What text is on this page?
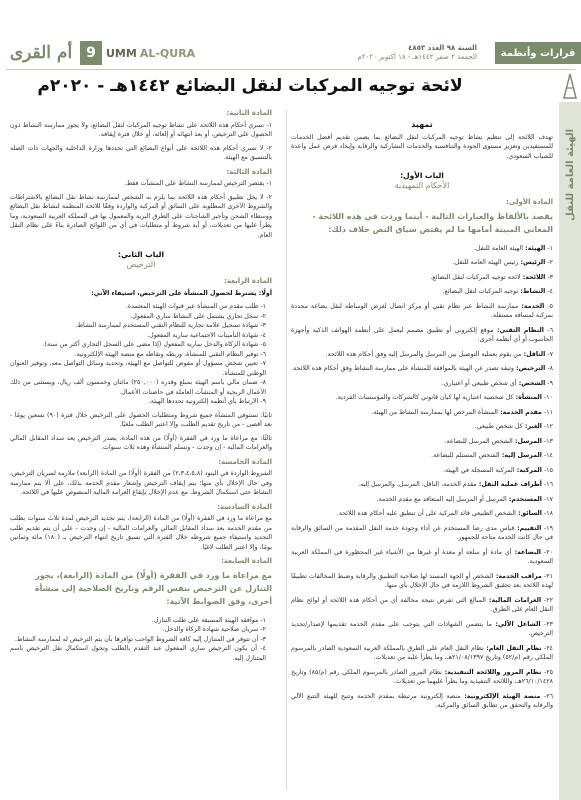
قرارات وأنظمة
السنة ٩٨ العدد ٤٨٥٣
الجمعة ٢ صفر ١٤٤٢هـ - ١٨ أكتوبر ٢٠٢٠م
UMM AL-QURA
9
أم القرى
لائحة توجيه المركبات لنقل البضائع ١٤٤٢هـ - ٢٠٢٠م
الهيئة العامة للنقل
تمهيد
تهدف اللائحة إلى تنظيم نشاط توجيه المركبات لنقل البضائع بما يضمن تقديم أفضل الخدمات للمستفيدين وتعزيز مستوى الجودة والتنافسية والخدمات التشاركية والرقابة وإيجاد فرص عمل واعدة للشباب السعودي.
الباب الأول:
الأحكام التمهيدية
المادة الأولى:
يقصد بالألفاظ والعبارات التالية - أينما وردت في هذه اللائحة - المعاني المبينة أمامها ما لم يقتض سياق النص خلاف ذلك:
١- الهيئة: الهيئة العامة للنقل.
٢- الرئيس: رئيس الهيئة العامة للنقل.
٣- اللائحة: لائحة توجيه المركبات لنقل البضائع.
٤- النشاط: توجيه المركبات لنقل البضائع.
٥- الخدمة: ممارسة النشاط عبر نظام تقني أو مركز اتصال لغرض الوساطة لنقل بضاعة محددة بمركبة لمسافة مستقلة.
٦- النظام التقني: موقع إلكتروني أو تطبيق مصمم ليعمل على أنظمة الهواتف الذكية وأجهزة الحاسوب أو أي أنظمة أخرى.
٧- الناقل: من يقوم بعملية التوصيل بين المرسل والمرسل إليه وفق أحكام هذه اللائحة.
٨- الترخيص: وثيقة تصدر عن الهيئة بالموافقة للمنشأة على ممارسة النشاط وفق أحكام هذه اللائحة.
٩- الشخص: أي شخص طبيعي أو اعتباري.
١٠- المنشأة: كل شخصية اعتبارية لها كيان قانوني كالشركات والمؤسسات الفردية.
١١- مقدم الخدمة: المنشأة المرخص لها بممارسة النشاط من الهيئة.
١٢- الغير: كل شخص طبيعي.
١٣- المرسل: الشخص المرسل للبضاعة.
١٤- المرسل إليه: الشخص المستلم للبضاعة.
١٥- المركبة: المركبة المسجلة في الهيئة.
١٦- أطراف عملية النقل: مقدم الخدمة، الناقل، المرسل، والمرسل إليه.
١٧- المستخدم: المرسل أو المرسل إليه المتعاقد مع مقدم الخدمة.
١٨- السائق: الشخص الطبيعي قائد المركبة على أن تنطبق عليه أحكام هذه اللائحة.
١٩- التقييم: قياس مدى رضا المستخدم عن أداء وجودة خدمة النقل المقدمة من السائق والرقابة في حال كانت الخدمة متاحة للجمهور.
٢٠- البضاعة: أي مادة أو سلعة أو معدة أو غيرها من الأشياء غير المحظورة في المملكة العربية السعودية.
٢١- مراقب الخدمة: الشخص أو الجهة المسند لها صلاحية التطبيق والرقابة وضبط المخالفات تطبيقًا لهذه اللائحة بعد تحقيق الشروط اللازمة في حال الإخلال بأي منها.
٢٢- الغرامات المالية: المبالغ التي تفرض نتيجة مخالفة أي من أحكام هذه اللائحة أو لوائح نظام النقل العام على الطرق.
٢٣- الشاغل الآلي: ما يتضمن الشهادات التي يتوجب على مقدم الخدمة تقديمها لإصدار/تجديد الترخيص.
٢٤- نظام النقل العام: نظام النقل العام على الطرق بالمملكة العربية السعودية الصادر بالمرسوم الملكي رقم (م/٥٢) وتاريخ ٢١/٠٨/١٣٩٧هـ، وما يطرأ عليه من تعديلات.
٢٥- نظام المرور واللائحة التنفيذية: نظام المرور الصادر بالمرسوم الملكي رقم (م/٨٥) وتاريخ ٢٦/١٠/١٤٢٨هـ، واللائحة التنفيذية وما يطرأ عليهما من تعديلات.
٢٦- منصة الهيئة الإلكترونية: منصة إلكترونية مرتبطة بمقدم الخدمة وتتيح للهيئة التتبع الآلي والرقابة والتحقق من تطابق السائق والمركبة.
المادة الثانية:
١- تسري أحكام هذه اللائحة على نشاط توجيه المركبات لنقل البضائع، ولا يجوز ممارسة النشاط دون الحصول على الترخيص، أو بعد انتهائه أو إلغائه، أو خلال فترة إيقافه.
٢- لا تسري أحكام هذه اللائحة على أنواع البضائع التي تحددها وزارة الداخلية والجهات ذات الصلة بالتنسيق مع الهيئة.
المادة الثالثة:
١- يقتصر الترخيص لممارسة النشاط على المنشآت فقط.
٢- لا يخل تطبيق أحكام هذه اللائحة بما يلزم به الشخص لممارسة نشاط نقل البضائع بالاشتراطات والشروط الأخرى المطلوبة على السائق أو المركبة والواردة وفقًا للائحة المنظمة لنشاط نقل البضائع ووسطاء الشحن وتأجير الشاحنات على الطرق البرية والمعمول بها في المملكة العربية السعودية، وما يطرأ عليها من تعديلات، أو أية شروط أو متطلبات في أي من اللوائح الصادرة بناءً على نظام النقل العام.
الباب الثاني:
الترخيص
المادة الرابعة:
أولًا: يشترط لحصول المنشأة على الترخيص، استيفاء الآتي:
١- طلب مقدم من المنشأة عبر قنوات الهيئة المعتمدة.
٢- سجل تجاري يشتمل على النشاط ساري المفعول.
٣- شهادة تسجيل علامة تجارية للنظام التقني المستخدم لممارسة النشاط.
٤- شهادة التأمينات الاجتماعية سارية المفعول.
٥- شهادة الزكاة والدخل سارية المفعول (إذا مضى على السجل التجاري أكثر من سنة).
٦- توفير النظام التقني للمنشأة، وربطه ونقاطه مع منصة الهيئة الإلكترونية.
٧- تعيين شخص مسؤول أو مفوض للتواصل مع الهيئة، وتحديد وسائل التواصل معه، وتوفير العنوان الوطني للمنشأة.
٨- ضمان مالي باسم الهيئة بمبلغ وقدره (٢٥٠,٠٠٠) مائتان وخمسون ألف ريال، ويستثنى من ذلك الأعمال الربحية أو المنشآت العاملة في حاضنات الأعمال.
٩- الارتباط بأي أنظمة إلكترونية تحددها الهيئة.
ثانيًا: تستوفي المنشأة جميع شروط ومتطلبات الحصول على الترخيص خلال فترة (٩٠) تسعين يومًا - بعد أقصى - من تاريخ تقديم الطلب، وإلا اعتبر الطلب ملغيًا.
ثالثًا: مع مراعاة ما ورد في الفقرة (أولًا) من هذه المادة، يصدر الترخيص بعد سداد المقابل المالي والغرامات المالية - إن وجدت - وتسلم المنشأة وهذه ثلاث سنوات.
المادة الخامسة:
الشروط الواردة في البنود (٢،٣،٤،٥،٨) من الفقرة (أولًا) من المادة (الرابعة) ملازمة لسريان الترخيص، وفي حال الإخلال بأي منها؛ يتم إيقاف الترخيص وإشعار مقدم الخدمة بذلك، على ألا يتم ممارسة النشاط حتى استكمال الشروط، مع عدم الإخلال بإيقاع الغرامة المالية المنصوص عليها في اللائحة.
المادة السادسة:
مع مراعاة ما ورد في الفقرة (أولًا) من المادة (الرابعة)، يتم تجديد الترخيص لمدة ثلاث سنوات بطلب من مقدم الخدمة بعد سداد المقابل المالي والغرامات المالية - إن وجدت - على أن يتم تقديم طلب التجديد واستيفاء جميع شروطه خلال الفترة التي تسبق تاريخ انتهاء الترخيص بـ (١٨٠) مائة وثمانين يومًا، وإلا اعتبر الطلب لاغيًا.
المادة السابعة:
مع مراعاة ما ورد في الفقرة (أولًا) من المادة (الرابعة)، يجوز التنازل عن الترخيص بنفس الرقم وتاريخ الصلاحية إلى منشأة أخرى، وفق الضوابط الآتية:
١- موافقة الهيئة المسبقة على طلب التنازل.
٢- سريان صلاحية شهادة الزكاة والدخل.
٣- أن تتوفر في المتنازل إليه كافة الشروط الواجب توافرها بأن يتم الترخيص له لممارسة النشاط.
٤- أن يكون الترخيص ساري المفعول عند التقدم بالطلب وتحول استكمال نقل الترخيص باسم المتنازل إليه.
